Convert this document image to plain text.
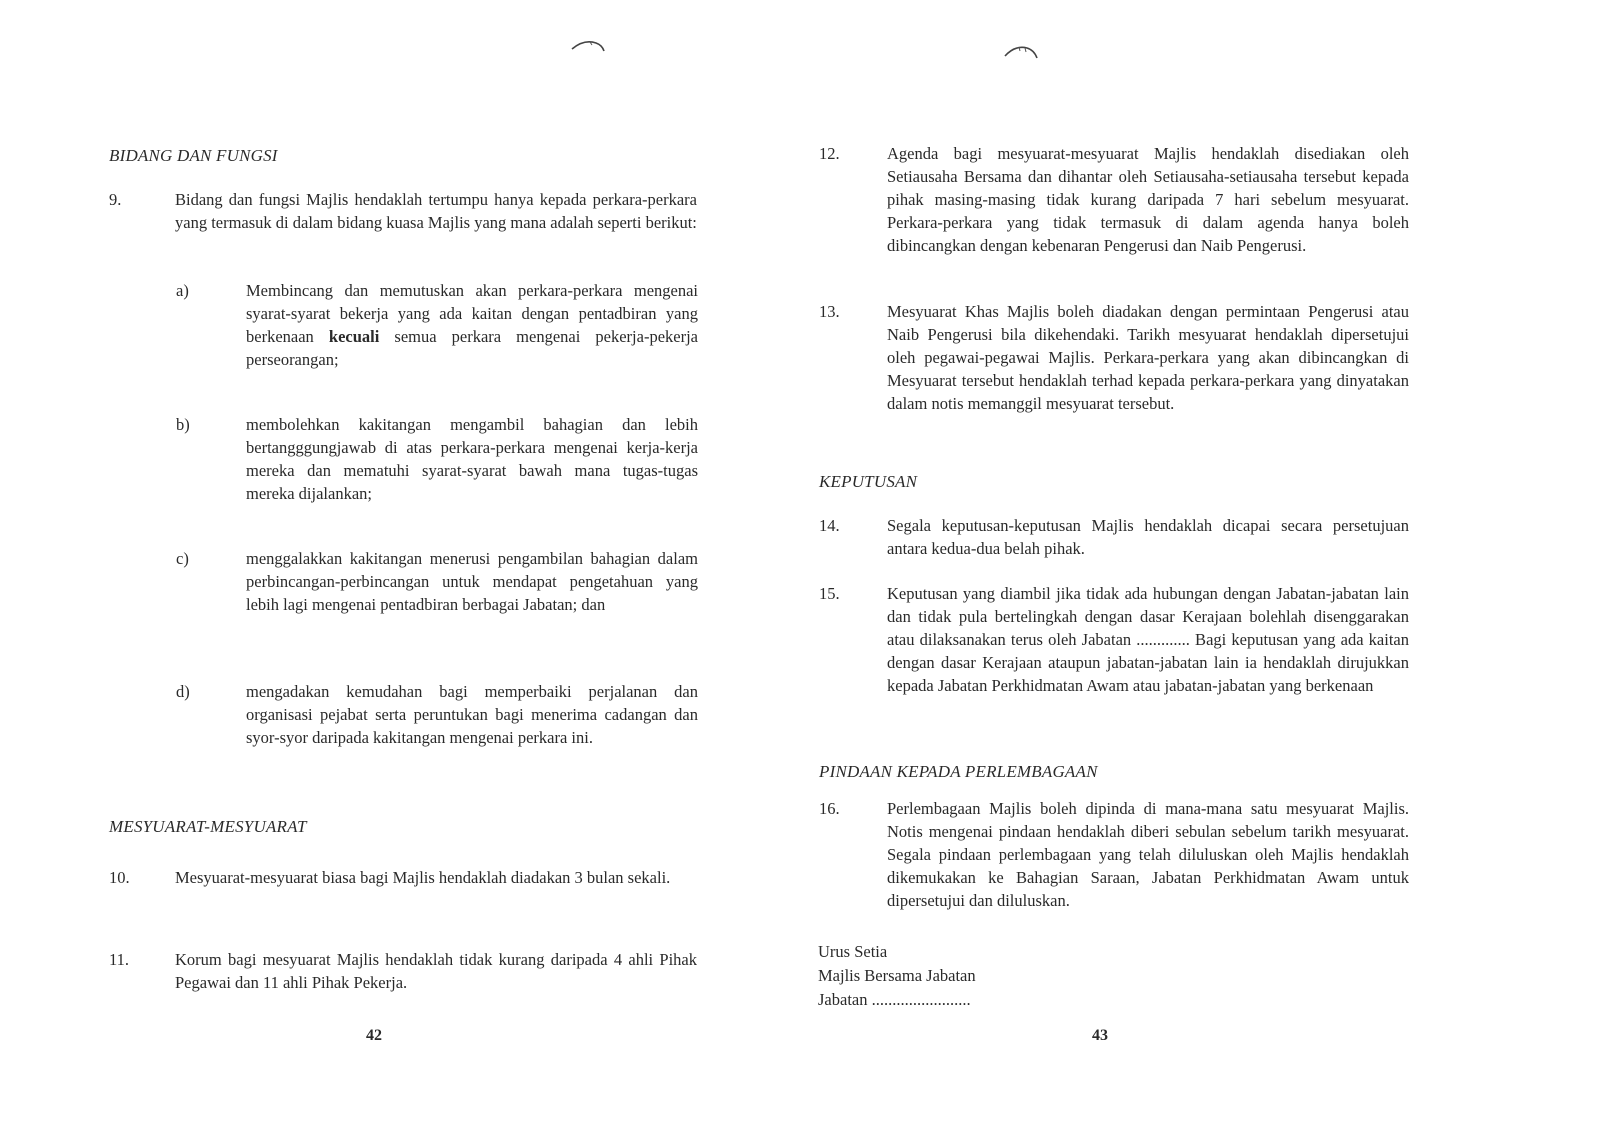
BIDANG DAN FUNGSI
9.	Bidang dan fungsi Majlis hendaklah tertumpu hanya kepada perkara-perkara yang termasuk di dalam bidang kuasa Majlis yang mana adalah seperti berikut:
a)	Membincang dan memutuskan akan perkara-perkara mengenai syarat-syarat bekerja yang ada kaitan dengan pentadbiran yang berkenaan kecuali semua perkara mengenai pekerja-pekerja perseorangan;
b)	membolehkan kakitangan mengambil bahagian dan lebih bertangggungjawab di atas perkara-perkara mengenai kerja-kerja mereka dan mematuhi syarat-syarat bawah mana tugas-tugas mereka dijalankan;
c)	menggalakkan kakitangan menerusi pengambilan bahagian dalam perbincangan-perbincangan untuk mendapat pengetahuan yang lebih lagi mengenai pentadbiran berbagai Jabatan; dan
d)	mengadakan kemudahan bagi memperbaiki perjalanan dan organisasi pejabat serta peruntukan bagi menerima cadangan dan syor-syor daripada kakitangan mengenai perkara ini.
MESYUARAT-MESYUARAT
10.	Mesyuarat-mesyuarat biasa bagi Majlis hendaklah diadakan 3 bulan sekali.
11.	Korum bagi mesyuarat Majlis hendaklah tidak kurang daripada 4 ahli Pihak Pegawai dan 11 ahli Pihak Pekerja.
42
12.	Agenda bagi mesyuarat-mesyuarat Majlis hendaklah disediakan oleh Setiausaha Bersama dan dihantar oleh Setiausaha-setiausaha tersebut kepada pihak masing-masing tidak kurang daripada 7 hari sebelum mesyuarat. Perkara-perkara yang tidak termasuk di dalam agenda hanya boleh dibincangkan dengan kebenaran Pengerusi dan Naib Pengerusi.
13.	Mesyuarat Khas Majlis boleh diadakan dengan permintaan Pengerusi atau Naib Pengerusi bila dikehendaki. Tarikh mesyuarat hendaklah dipersetujui oleh pegawai-pegawai Majlis. Perkara-perkara yang akan dibincangkan di Mesyuarat tersebut hendaklah terhad kepada perkara-perkara yang dinyatakan dalam notis memanggil mesyuarat tersebut.
KEPUTUSAN
14.	Segala keputusan-keputusan Majlis hendaklah dicapai secara persetujuan antara kedua-dua belah pihak.
15.	Keputusan yang diambil jika tidak ada hubungan dengan Jabatan-jabatan lain dan tidak pula bertelingkah dengan dasar Kerajaan bolehlah disenggarakan atau dilaksanakan terus oleh Jabatan ............. Bagi keputusan yang ada kaitan dengan dasar Kerajaan ataupun jabatan-jabatan lain ia hendaklah dirujukkan kepada Jabatan Perkhidmatan Awam atau jabatan-jabatan yang berkenaan
PINDAAN KEPADA PERLEMBAGAAN
16.	Perlembagaan Majlis boleh dipinda di mana-mana satu mesyuarat Majlis. Notis mengenai pindaan hendaklah diberi sebulan sebelum tarikh mesyuarat. Segala pindaan perlembagaan yang telah diluluskan oleh Majlis hendaklah dikemukakan ke Bahagian Saraan, Jabatan Perkhidmatan Awam untuk dipersetujui dan diluluskan.
Urus Setia
Majlis Bersama Jabatan
Jabatan ........................
43
